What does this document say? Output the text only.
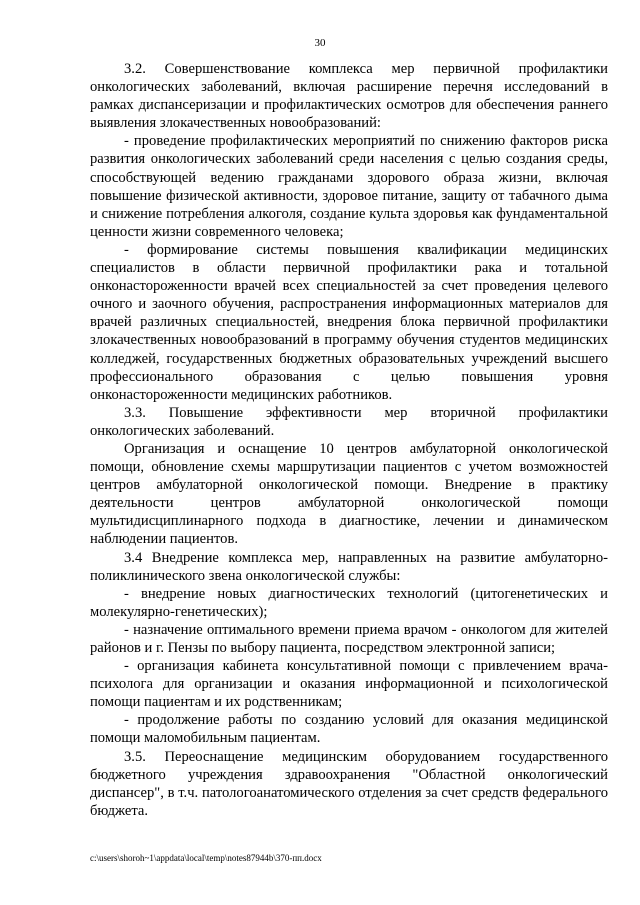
30

3.2. Совершенствование комплекса мер первичной профилактики онкологических заболеваний, включая расширение перечня исследований в рамках диспансеризации и профилактических осмотров для обеспечения раннего выявления злокачественных новообразований:

- проведение профилактических мероприятий по снижению факторов риска развития онкологических заболеваний среди населения с целью создания среды, способствующей ведению гражданами здорового образа жизни, включая повышение физической активности, здоровое питание, защиту от табачного дыма и снижение потребления алкоголя, создание культа здоровья как фундаментальной ценности жизни современного человека;

- формирование системы повышения квалификации медицинских специалистов в области первичной профилактики рака и тотальной онконастороженности врачей всех специальностей за счет проведения целевого очного и заочного обучения, распространения информационных материалов для врачей различных специальностей, внедрения блока первичной профилактики злокачественных новообразований в программу обучения студентов медицинских колледжей, государственных бюджетных образовательных учреждений высшего профессионального образования с целью повышения уровня онконастороженности медицинских работников.

3.3. Повышение эффективности мер вторичной профилактики онкологических заболеваний.

Организация и оснащение 10 центров амбулаторной онкологической помощи, обновление схемы маршрутизации пациентов с учетом возможностей центров амбулаторной онкологической помощи. Внедрение в практику деятельности центров амбулаторной онкологической помощи мультидисциплинарного подхода в диагностике, лечении и динамическом наблюдении пациентов.

3.4 Внедрение комплекса мер, направленных на развитие амбулаторно-поликлинического звена онкологической службы:

- внедрение новых диагностических технологий (цитогенетических и молекулярно-генетических);

- назначение оптимального времени приема врачом - онкологом для жителей районов и г. Пензы по выбору пациента, посредством электронной записи;

- организация кабинета консультативной помощи с привлечением врача-психолога для организации и оказания информационной и психологической помощи пациентам и их родственникам;

- продолжение работы по созданию условий для оказания медицинской помощи маломобильным пациентам.

3.5. Переоснащение медицинским оборудованием государственного бюджетного учреждения здравоохранения "Областной онкологический диспансер", в т.ч. патологоанатомического отделения за счет средств федерального бюджета.

c:\users\shoroh~1\appdata\local\temp\notes87944b\370-пп.docx
